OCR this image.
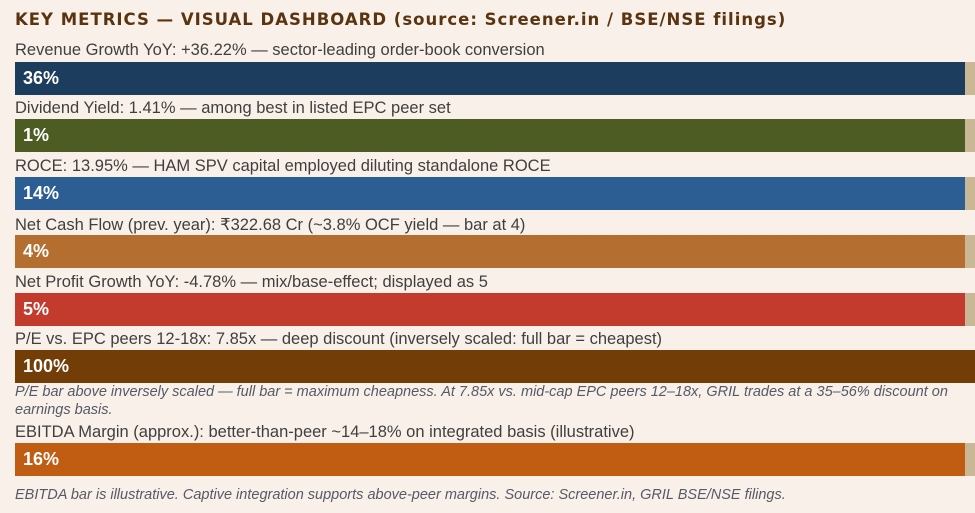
KEY METRICS — VISUAL DASHBOARD (source: Screener.in / BSE/NSE filings)
Revenue Growth YoY: +36.22% — sector-leading order-book conversion
36%
Dividend Yield: 1.41% — among best in listed EPC peer set
1%
ROCE: 13.95% — HAM SPV capital employed diluting standalone ROCE
14%
Net Cash Flow (prev. year): ₹322.68 Cr (~3.8% OCF yield — bar at 4)
4%
Net Profit Growth YoY: -4.78% — mix/base-effect; displayed as 5
5%
P/E vs. EPC peers 12-18x: 7.85x — deep discount (inversely scaled: full bar = cheapest)
100%
P/E bar above inversely scaled — full bar = maximum cheapness. At 7.85x vs. mid-cap EPC peers 12–18x, GRIL trades at a 35–56% discount on earnings basis.
EBITDA Margin (approx.): better-than-peer ~14–18% on integrated basis (illustrative)
16%
EBITDA bar is illustrative. Captive integration supports above-peer margins. Source: Screener.in, GRIL BSE/NSE filings.
